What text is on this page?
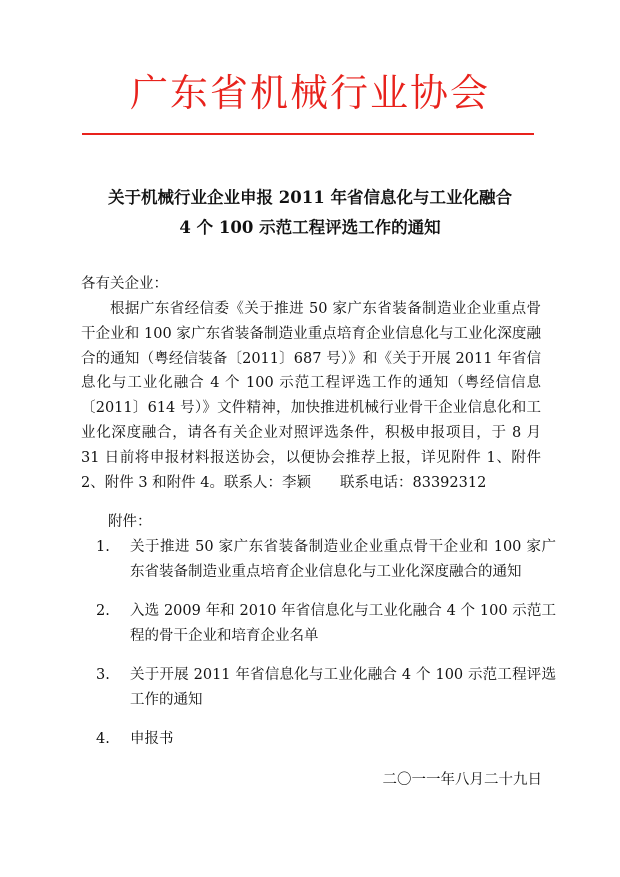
广东省机械行业协会
关于机械行业企业申报 2011 年省信息化与工业化融合
4 个 100 示范工程评选工作的通知
各有关企业：
根据广东省经信委《关于推进 50 家广东省装备制造业企业重点骨干企业和 100 家广东省装备制造业重点培育企业信息化与工业化深度融合的通知（粤经信装备〔2011〕687 号）》和《关于开展 2011 年省信息化与工业化融合 4 个 100 示范工程评选工作的通知（粤经信信息〔2011〕614 号）》文件精神，加快推进机械行业骨干企业信息化和工业化深度融合，请各有关企业对照评选条件，积极申报项目，于 8 月 31 日前将申报材料报送协会，以便协会推荐上报，详见附件 1、附件 2、附件 3 和附件 4。联系人：李颖　　联系电话：83392312
附件：
1.	关于推进 50 家广东省装备制造业企业重点骨干企业和 100 家广东省装备制造业重点培育企业信息化与工业化深度融合的通知
2.	入选 2009 年和 2010 年省信息化与工业化融合 4 个 100 示范工程的骨干企业和培育企业名单
3.	关于开展 2011 年省信息化与工业化融合 4 个 100 示范工程评选工作的通知
4.	申报书
二〇一一年八月二十九日
